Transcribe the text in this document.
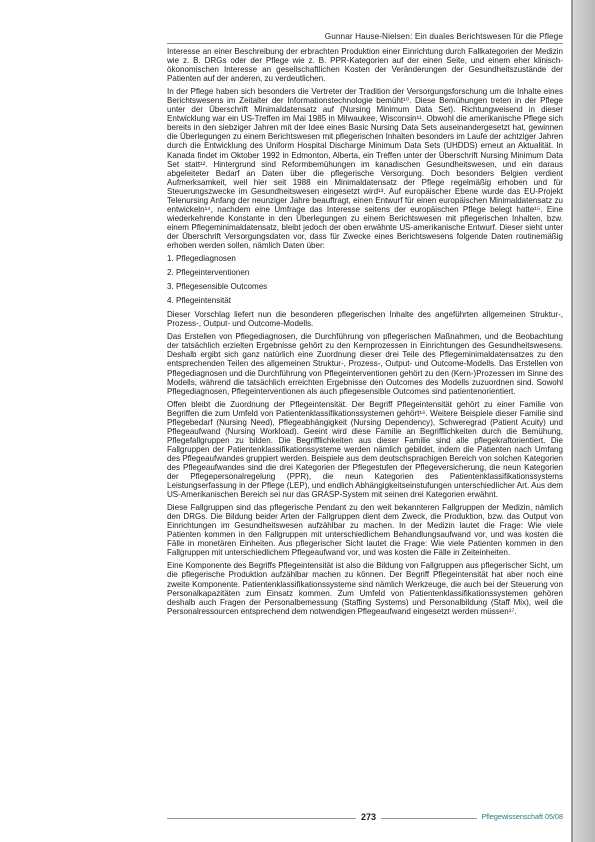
Gunnar Hause-Nielsen: Ein duales Berichtswesen für die Pflege

Interesse an einer Beschreibung der erbrachten Produktion einer Einrichtung durch Fallkategorien der Medizin wie z. B. DRGs oder der Pflege wie z. B. PPR-Kategorien auf der einen Seite, und einem eher klinisch-ökonomischen Interesse an gesellschaftlichen Kosten der Veränderungen der Gesundheitszustände der Patienten auf der anderen, zu verdeutlichen.

In der Pflege haben sich besonders die Vertreter der Tradition der Versorgungsforschung um die Inhalte eines Berichtswesens im Zeitalter der Informationstechnologie bemüht¹⁰. Diese Bemühungen treten in der Pflege unter der Überschrift Minimaldatensatz auf (Nursing Minimum Data Set). Richtungweisend in dieser Entwicklung war ein US-Treffen im Mai 1985 in Milwaukee, Wisconsin¹¹. Obwohl die amerikanische Pflege sich bereits in den siebziger Jahren mit der Idee eines Basic Nursing Data Sets auseinandergesetzt hat, gewinnen die Überlegungen zu einem Berichtswesen mit pflegerischen Inhalten besonders im Laufe der achtziger Jahren durch die Entwicklung des Uniform Hospital Discharge Minimum Data Sets (UHDDS) erneut an Aktualität. In Kanada findet im Oktober 1992 in Edmonton, Alberta, ein Treffen unter der Überschrift Nursing Minimum Data Set statt¹². Hintergrund sind Reformbemühungen im kanadischen Gesundheitswesen, und ein daraus abgeleiteter Bedarf an Daten über die pflegerische Versorgung. Doch besonders Belgien verdient Aufmerksamkeit, weil hier seit 1988 ein Minimaldatensatz der Pflege regelmäßig erhoben und für Steuerungszwecke im Gesundheitswesen eingesetzt wird¹³. Auf europäischer Ebene wurde das EU-Projekt Telenursing Anfang der neunziger Jahre beauftragt, einen Entwurf für einen europäischen Minimaldatensatz zu entwickeln¹⁴, nachdem eine Umfrage das Interesse seitens der europäischen Pflege belegt hatte¹⁵. Eine wiederkehrende Konstante in den Überlegungen zu einem Berichtswesen mit pflegerischen Inhalten, bzw. einem Pflegeminimaldatensatz, bleibt jedoch der oben erwähnte US-amerikanische Entwurf. Dieser sieht unter der Überschrift Versorgungsdaten vor, dass für Zwecke eines Berichtswesens folgende Daten routinemäßig erhoben werden sollen, nämlich Daten über:

1. Pflegediagnosen
2. Pflegeinterventionen
3. Pflegesensible Outcomes
4. Pflegeintensität

Dieser Vorschlag liefert nun die besonderen pflegerischen Inhalte des angeführten allgemeinen Struktur-, Prozess-, Output- und Outcome-Modells.

Das Erstellen von Pflegediagnosen, die Durchführung von pflegerischen Maßnahmen, und die Beobachtung der tatsächlich erzielten Ergebnisse gehört zu den Kernprozessen in Einrichtungen des Gesundheitswesens. Deshalb ergibt sich ganz natürlich eine Zuordnung dieser drei Teile des Pflegeminimaldatensatzes zu den entsprechenden Teilen des allgemeinen Struktur-, Prozess-, Output- und Outcome-Modells. Das Erstellen von Pflegediagnosen und die Durchführung von Pflegeinterventionen gehört zu den (Kern-)Prozessen im Sinne des Modells, während die tatsächlich erreichten Ergebnisse den Outcomes des Modells zuzuordnen sind. Sowohl Pflegediagnosen, Pflegeinterventionen als auch pflegesensible Outcomes sind patientenorientiert.

Offen bleibt die Zuordnung der Pflegeintensität. Der Begriff Pflegeintensität gehört zu einer Familie von Begriffen die zum Umfeld von Patientenklassifikationssystemen gehört¹⁶. Weitere Beispiele dieser Familie sind Pflegebedarf (Nursing Need), Pflegeabhängigkeit (Nursing Dependency), Schweregrad (Patient Acuity) und Pflegeaufwand (Nursing Workload). Geeint wird diese Familie an Begrifflichkeiten durch die Bemühung, Pflegefallgruppen zu bilden. Die Begrifflichkeiten aus dieser Familie sind alle pflegekraftorientiert. Die Fallgruppen der Patientenklassifikationssysteme werden nämlich gebildet, indem die Patienten nach Umfang des Pflegeaufwandes gruppiert werden. Beispiele aus dem deutschsprachigen Bereich von solchen Kategorien des Pflegeaufwandes sind die drei Kategorien der Pflegestufen der Pflegeversicherung, die neun Kategorien der Pflegepersonalregelung (PPR), die neun Kategorien des Patientenklassifikationssystems Leistungserfassung in der Pflege (LEP), und endlich Abhängigkeitseinstufungen unterschiedlicher Art. Aus dem US-Amerikanischen Bereich sei nur das GRASP-System mit seinen drei Kategorien erwähnt.

Diese Fallgruppen sind das pflegerische Pendant zu den weit bekannteren Fallgruppen der Medizin, nämlich den DRGs. Die Bildung beider Arten der Fallgruppen dient dem Zweck, die Produktion, bzw. das Output von Einrichtungen im Gesundheitswesen aufzählbar zu machen. In der Medizin lautet die Frage: Wie viele Patienten kommen in den Fallgruppen mit unterschiedlichem Behandlungsaufwand vor, und was kosten die Fälle in monetären Einheiten. Aus pflegerischer Sicht lautet die Frage: Wie viele Patienten kommen in den Fallgruppen mit unterschiedlichem Pflegeaufwand vor, und was kosten die Fälle in Zeiteinheiten.

Eine Komponente des Begriffs Pflegeintensität ist also die Bildung von Fallgruppen aus pflegerischer Sicht, um die pflegerische Produktion aufzählbar machen zu können. Der Begriff Pflegeintensität hat aber noch eine zweite Komponente. Patientenklassifikationssysteme sind nämlich Werkzeuge, die auch bei der Steuerung von Personalkapazitäten zum Einsatz kommen. Zum Umfeld von Patientenklassifikationssystemen gehören deshalb auch Fragen der Personalbemessung (Staffing Systems) und Personalbildung (Staff Mix), weil die Personalressourcen entsprechend dem notwendigen Pflegeaufwand eingesetzt werden müssen¹⁷.

273	Pflegewissenschaft 05/08
